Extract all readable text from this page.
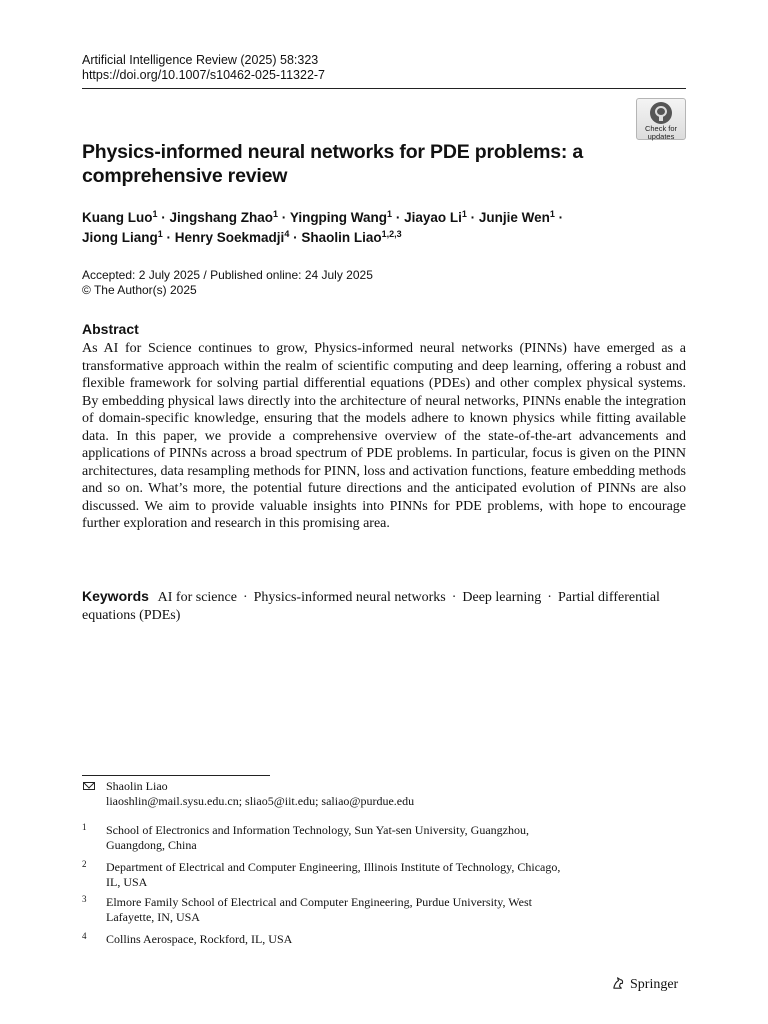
Artificial Intelligence Review (2025) 58:323
https://doi.org/10.1007/s10462-025-11322-7
Check for
updates
Physics-informed neural networks for PDE problems: a comprehensive review
Kuang Luo$^1$ · Jingshang Zhao$^1$ · Yingping Wang$^1$ · Jiayao $Li^1$ · Junjie Wen$^1$ ·
Jiong Liang$^1$ · Henry Soekmadji$^4$ · Shaolin Liao$^{1,2,3}$
Accepted: 2 July 2025 / Published online: 24 July 2025
© The Author(s) 2025
Abstract

As AI for Science continues to grow, Physics-informed neural networks (PINNs) have emerged as a transformative approach within the realm of scientific computing and deep learning, offering a robust and flexible framework for solving partial differential equations (PDEs) and other complex physical systems. By embedding physical laws directly into the architecture of neural networks, PINNs enable the integration of domain-specific knowledge, ensuring that the models adhere to known physics while fitting available data. In this paper, we provide a comprehensive overview of the state-of-the-art advancements and applications of PINNs across a broad spectrum of PDE problems. In particular, focus is given on the PINN architectures, data resampling methods for PINN, loss and activation functions, feature embedding methods and so on. What’s more, the potential future directions and the anticipated evolution of PINNs are also discussed. We aim to provide valuable insights into PINNs for PDE problems, with hope to encourage further exploration and research in this promising area.

Keywords AI for science · Physics-informed neural networks · Deep learning · Partial differential equations (PDEs)
Shaolin Liao
liaoshlin@mail.sysu.edu.cn; sliao5@iit.edu; saliao@purdue.edu
1 School of Electronics and Information Technology, Sun Yat-sen University, Guangzhou,
Guangdong, China
2 Department of Electrical and Computer Engineering, Illinois Institute of Technology, Chicago,
IL, USA
3 Elmore Family School of Electrical and Computer Engineering, Purdue University, West
Lafayette, IN, USA
4 Collins Aerospace, Rockford, IL, USA
Springer
